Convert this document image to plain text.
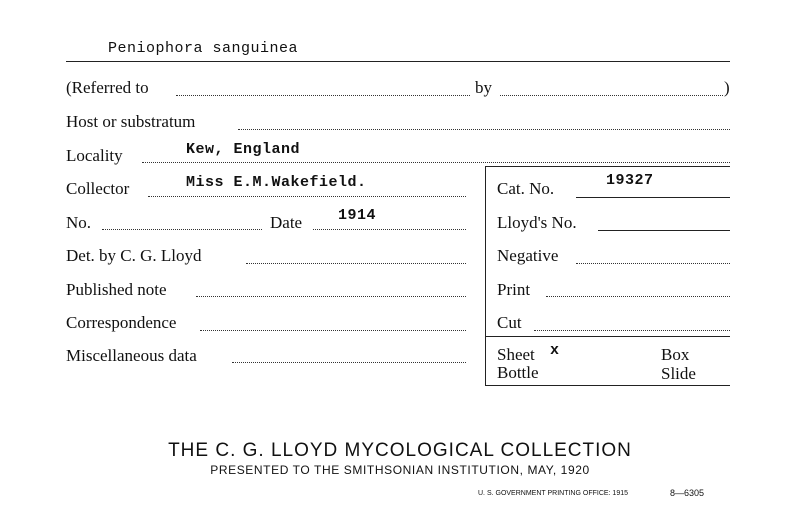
Peniophora sanguinea
(Referred to	by	)
Host or substratum
Locality	Kew, England
Collector	Miss E.M.Wakefield.	Cat. No.	19327
No.	Date 1914	Lloyd's No.
Det. by C. G. Lloyd	Negative
Published note	Print
Correspondence	Cut
Miscellaneous data	Sheet x	Box
Bottle	Slide
THE C. G. LLOYD MYCOLOGICAL COLLECTION
PRESENTED TO THE SMITHSONIAN INSTITUTION, MAY, 1920
U. S. GOVERNMENT PRINTING OFFICE: 1915	8—6305
